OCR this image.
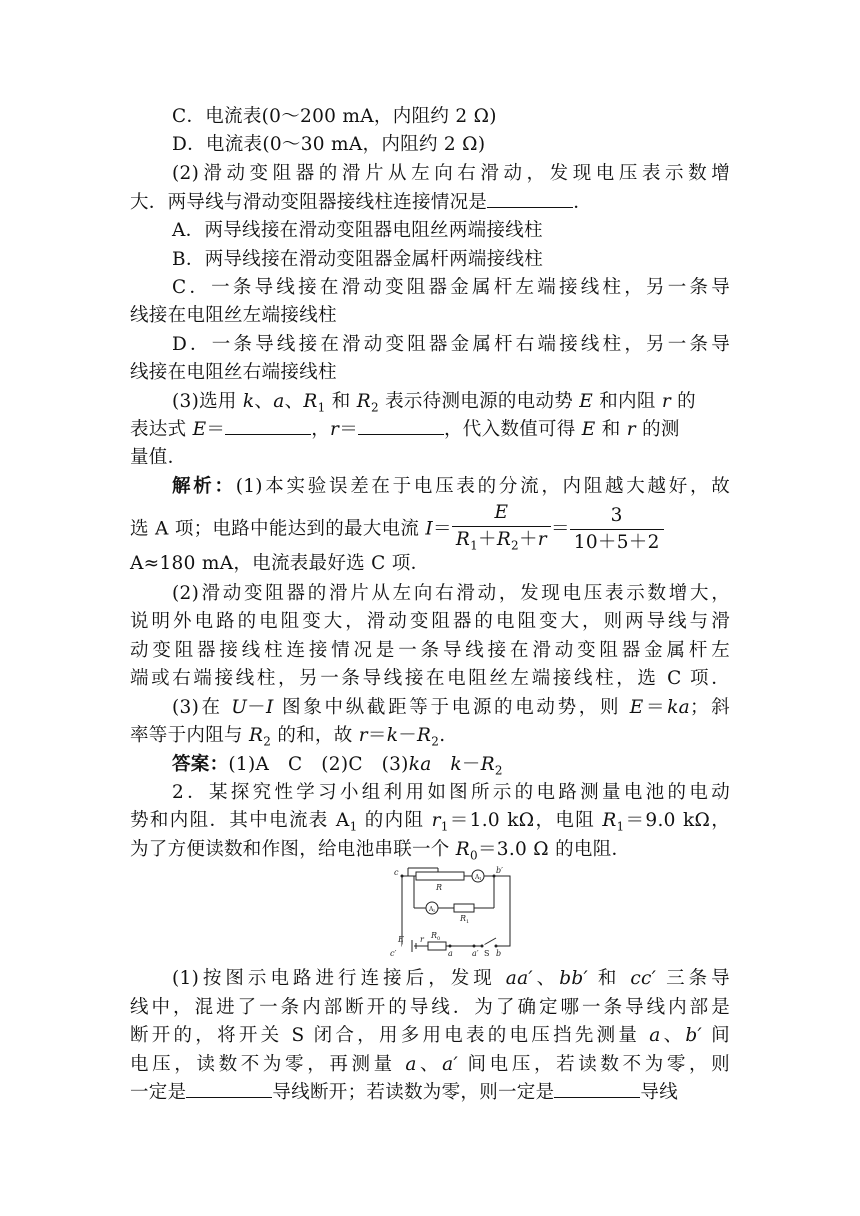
C．电流表(0～200 mA，内阻约 2 Ω)
D．电流表(0～30 mA，内阻约 2 Ω)
(2)滑动变阻器的滑片从左向右滑动，发现电压表示数增
大．两导线与滑动变阻器接线柱连接情况是	．
A．两导线接在滑动变阻器电阻丝两端接线柱
B．两导线接在滑动变阻器金属杆两端接线柱
C．一条导线接在滑动变阻器金属杆左端接线柱，另一条导
线接在电阻丝左端接线柱
D．一条导线接在滑动变阻器金属杆右端接线柱，另一条导
线接在电阻丝右端接线柱
(3)选用 k、a、$R_1$ 和 $R_2$ 表示待测电源的电动势 E 和内阻 r 的
表达式 E＝	，r＝	，代入数值可得 E 和 r 的测
量值．
解析：(1)本实验误差在于电压表的分流，内阻越大越好，故
选 A 项；电路中能达到的最大电流 $I= \frac{E}{R_1+R_2+r} = \frac{3}{10+5+2}$
A≈180 mA，电流表最好选 C 项．
(2)滑动变阻器的滑片从左向右滑动，发现电压表示数增大，
说明外电路的电阻变大，滑动变阻器的电阻变大，则两导线与滑
动变阻器接线柱连接情况是一条导线接在滑动变阻器金属杆左
端或右端接线柱，另一条导线接在电阻丝左端接线柱，选 C 项．
(3)在 U－I 图象中纵截距等于电源的电动势，则 E＝ka；斜
率等于内阻与 $R_2$ 的和，故 $r=k-R_2$.
答案：(1)A　C　(2)C　(3)ka　 $k-R_2$
2．某探究性学习小组利用如图所示的电路测量电池的电动
势和内阻．其中电流表 $A_1$ 的内阻 $r_1=1.0$ kΩ，电阻 $R_1=9.0$ kΩ，
为了方便读数和作图，给电池串联一个 $R_0=3.0$ Ω 的电阻．
c	b′
R
A 1
A 2
R 1
E r R 0
a a′ S b
c′
(1)按图示电路进行连接后，发现 aa′、bb′ 和 cc′ 三条导
线中，混进了一条内部断开的导线．为了确定哪一条导线内部是
断开的，将开关 S 闭合，用多用电表的电压挡先测量 a、b′ 间
电压，读数不为零，再测量 a、a′ 间电压，若读数不为零，则
一定是	导线断开；若读数为零，则一定是	导线
